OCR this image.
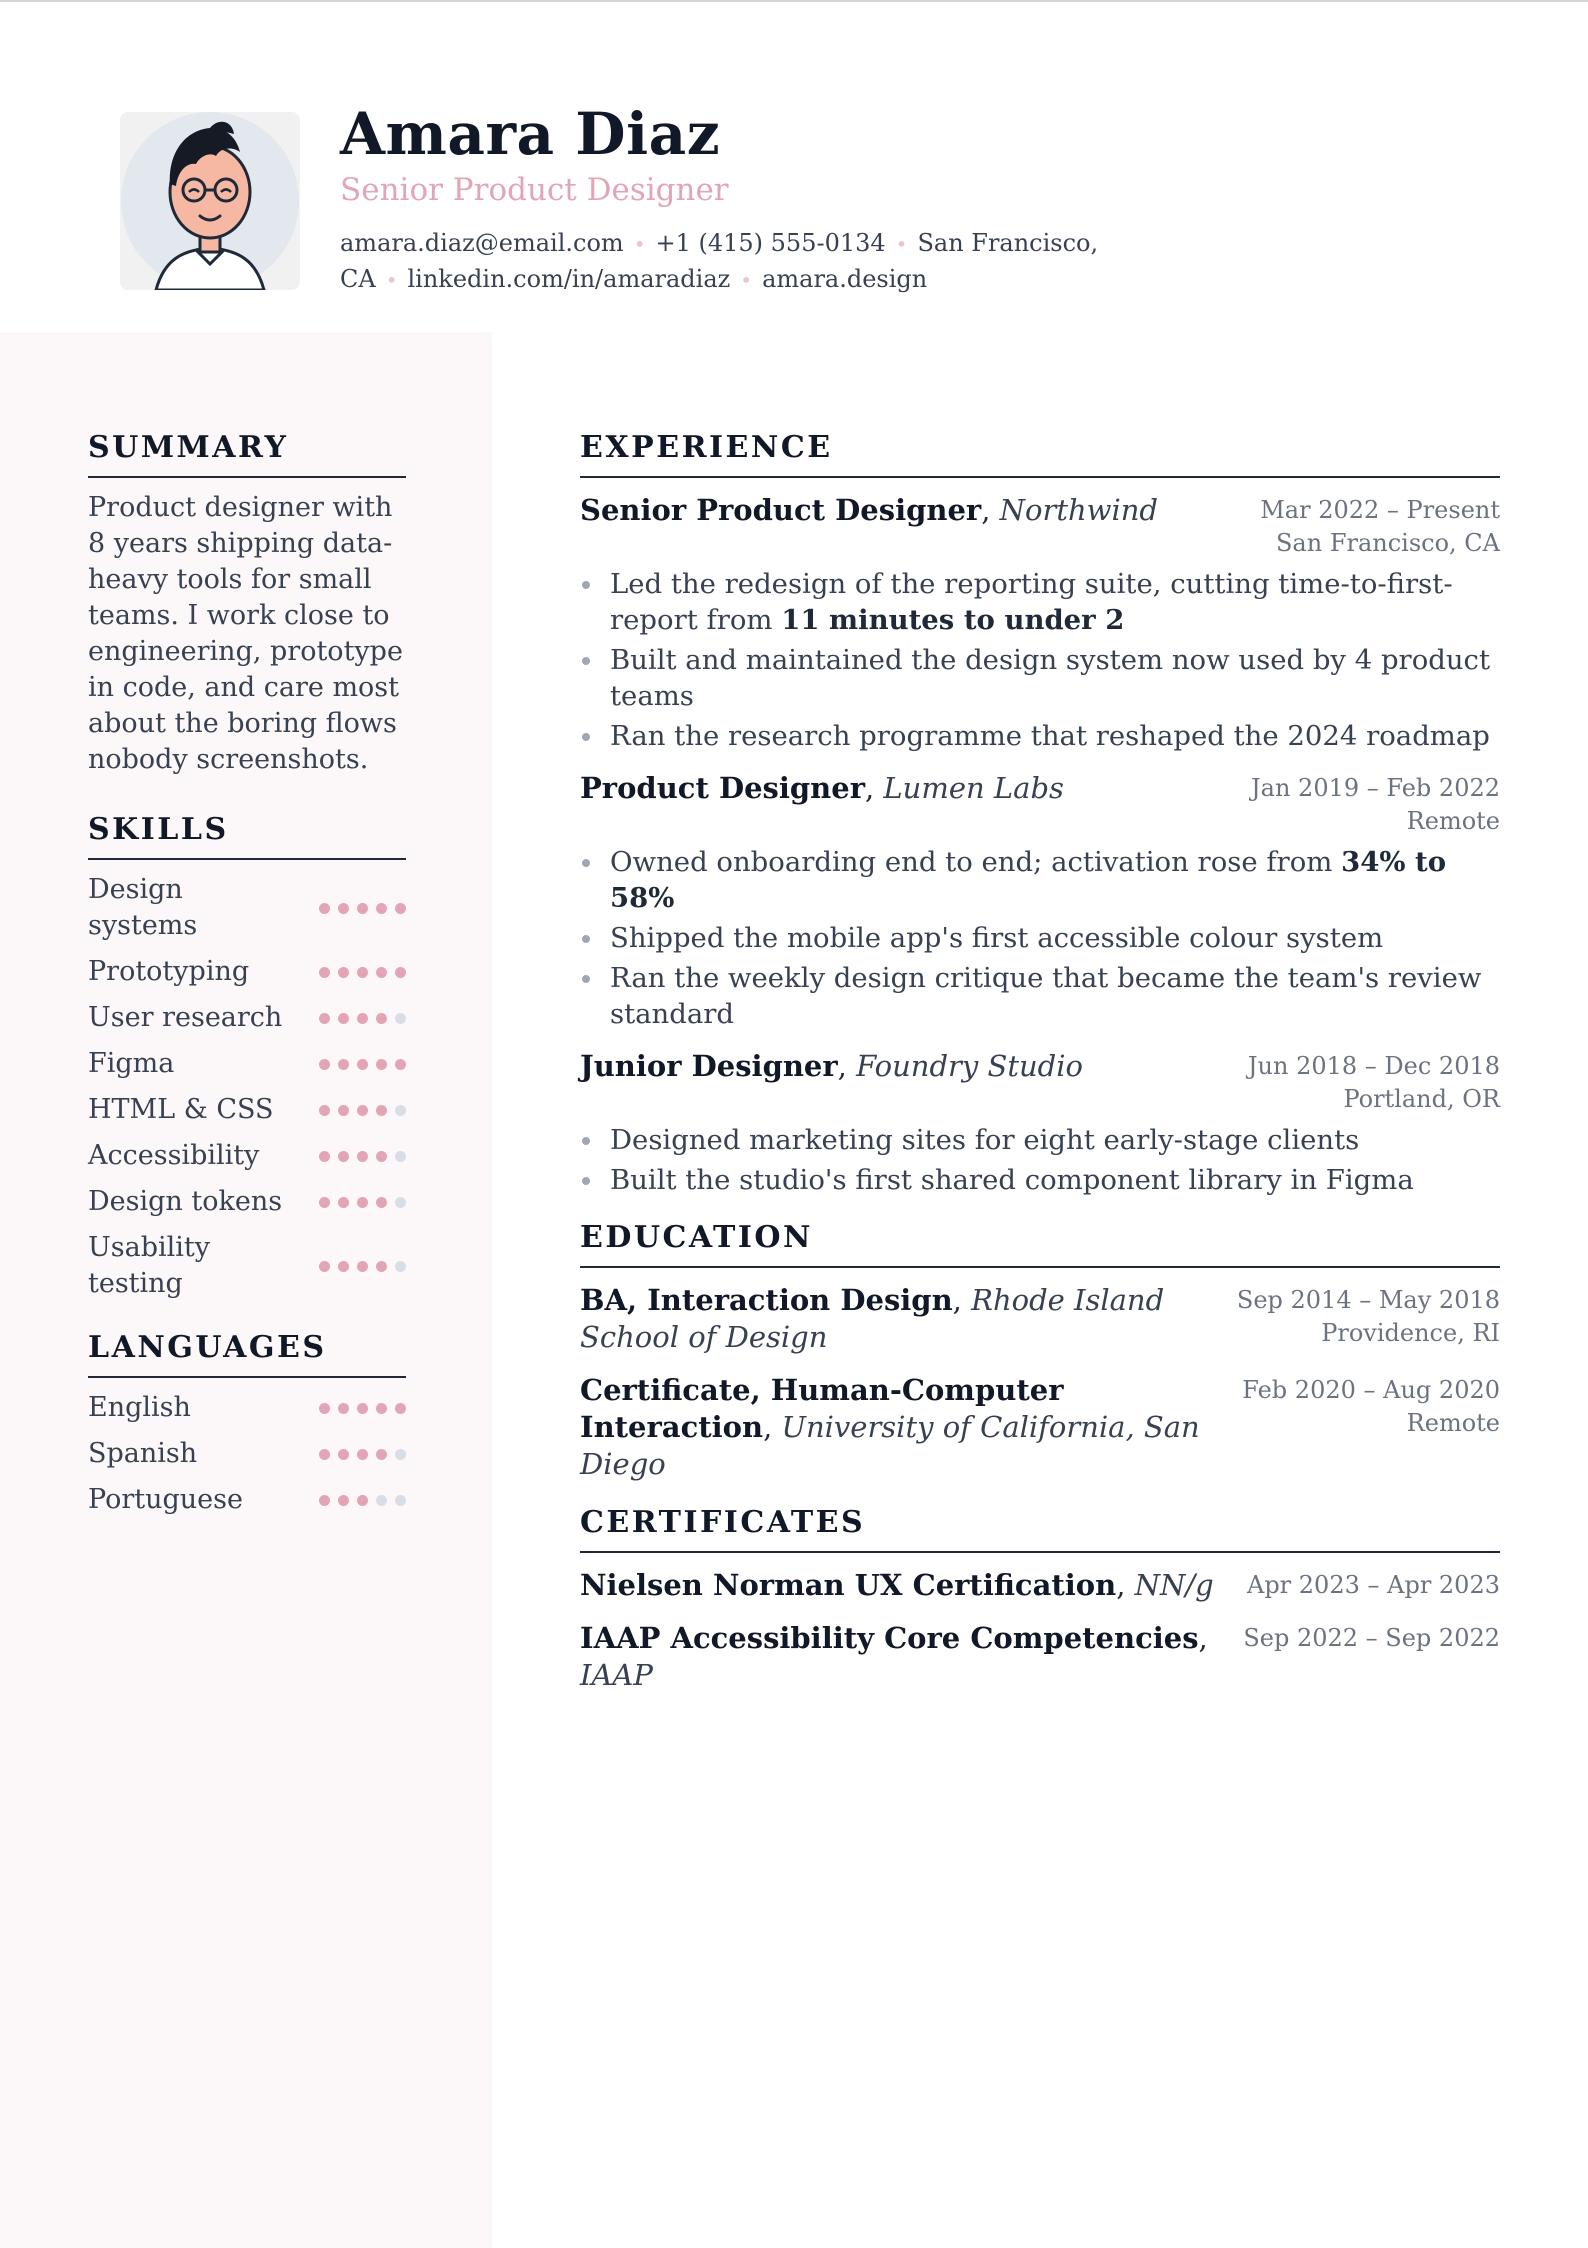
Amara Diaz
Senior Product Designer
amara.diaz@email.com • +1 (415) 555-0134 • San Francisco,
CA • linkedin.com/in/amaradiaz • amara.design
SUMMARY

Product designer with 8 years shipping data-heavy tools for small teams. I work close to engineering, prototype in code, and care most about the boring flows nobody screenshots.

SKILLS
Design systems
Prototyping
User research
Figma
HTML & CSS
Accessibility
Design tokens
Usability testing
LANGUAGES
English
Spanish
Portuguese
EXPERIENCE
Senior Product Designer, Northwind	Mar 2022 – Present
San Francisco, CA
Led the redesign of the reporting suite, cutting time-to-first-report from 11 minutes to under 2
Built and maintained the design system now used by 4 product teams
Ran the research programme that reshaped the 2024 roadmap
Product Designer, Lumen Labs	Jan 2019 – Feb 2022
Remote
Owned onboarding end to end; activation rose from 34% to 58%
Shipped the mobile app's first accessible colour system
Ran the weekly design critique that became the team's review standard
Junior Designer, Foundry Studio	Jun 2018 – Dec 2018
Portland, OR
Designed marketing sites for eight early-stage clients
Built the studio's first shared component library in Figma
EDUCATION
BA, Interaction Design, Rhode Island School of Design
Sep 2014 – May 2018
Providence, RI
Certificate, Human-Computer Interaction, University of California, San Diego
Feb 2020 – Aug 2020
Remote
CERTIFICATES
Nielsen Norman UX Certification, NN/g Apr 2023 – Apr 2023
IAAP Accessibility Core Competencies, IAAP
Sep 2022 – Sep 2022
